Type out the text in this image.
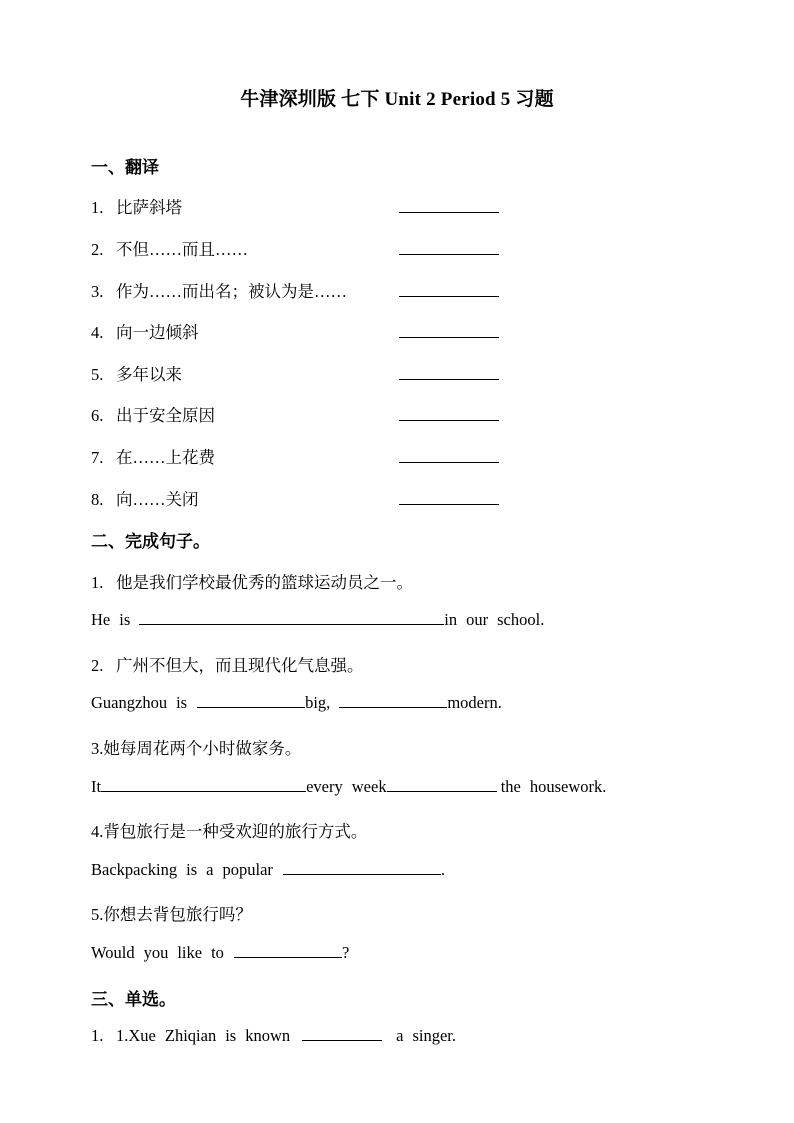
牛津深圳版 七下 Unit 2 Period 5 习题
一、翻译
1. 比萨斜塔
2. 不但……而且……
3. 作为……而出名；被认为是……
4. 向一边倾斜
5. 多年以来
6. 出于安全原因
7. 在……上花费
8. 向……关闭
二、完成句子。
1. 他是我们学校最优秀的篮球运动员之一。
He is	in our school.
2. 广州不但大，而且现代化气息强。
Guangzhou is	big,	modern.
3.她每周花两个小时做家务。
It	every week	the housework.
4.背包旅行是一种受欢迎的旅行方式。
Backpacking is a popular	.
5.你想去背包旅行吗？
Would you like to	?
三、单选。
1. 1.Xue Zhiqian is known	a singer.
